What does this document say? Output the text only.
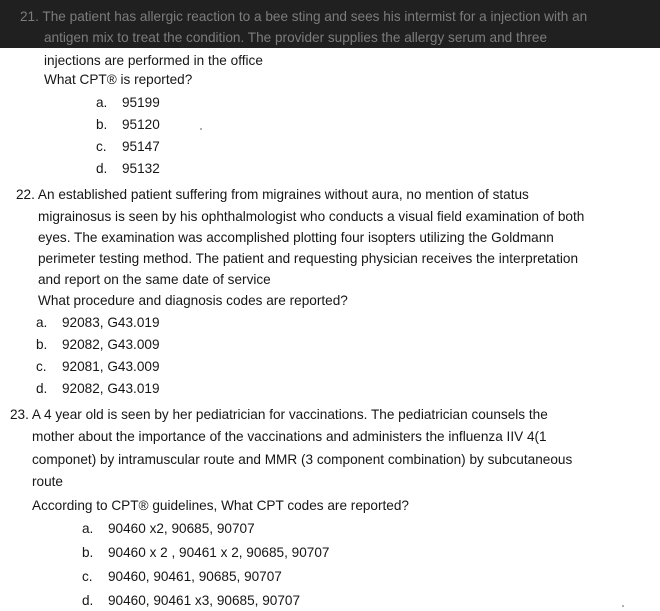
21. The patient has allergic reaction to a bee sting and sees his intermist for a injection with an
antigen mix to treat the condition. The provider supplies the allergy serum and three
injections are performed in the office
What CPT® is reported?
a. 95199
b. 95120
c. 95147
d. 95132
22. An established patient suffering from migraines without aura, no mention of status
migrainosus is seen by his ophthalmologist who conducts a visual field examination of both
eyes. The examination was accomplished plotting four isopters utilizing the Goldmann
perimeter testing method. The patient and requesting physician receives the interpretation
and report on the same date of service
What procedure and diagnosis codes are reported?
a. 92083, G43.019
b. 92082, G43.009
c. 92081, G43.009
d. 92082, G43.019
23. A 4 year old is seen by her pediatrician for vaccinations. The pediatrician counsels the
mother about the importance of the vaccinations and administers the influenza IIV 4(1
componet) by intramuscular route and MMR (3 component combination) by subcutaneous
route
According to CPT® guidelines, What CPT codes are reported?
a. 90460 x2, 90685, 90707
b. 90460 x 2 , 90461 x 2, 90685, 90707
c. 90460, 90461, 90685, 90707
d. 90460, 90461 x3, 90685, 90707
